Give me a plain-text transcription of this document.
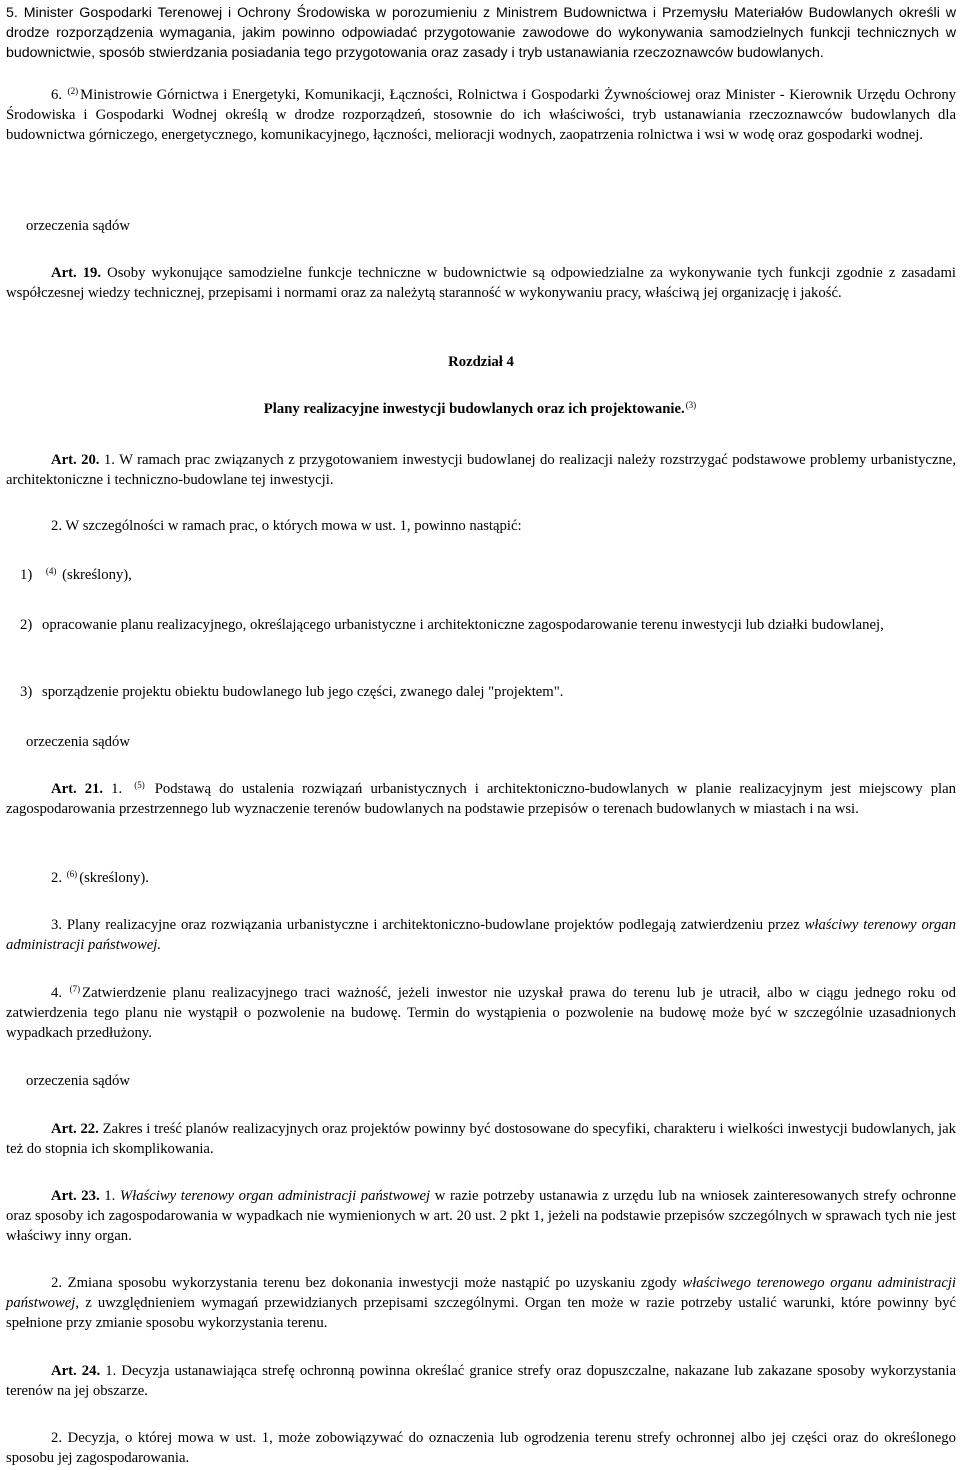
5. Minister Gospodarki Terenowej i Ochrony Środowiska w porozumieniu z Ministrem Budownictwa i Przemysłu Materiałów Budowlanych określi w drodze rozporządzenia wymagania, jakim powinno odpowiadać przygotowanie zawodowe do wykonywania samodzielnych funkcji technicznych w budownictwie, sposób stwierdzania posiadania tego przygotowania oraz zasady i tryb ustanawiania rzeczoznawców budowlanych.
6. $^{(2)}$ Ministrowie Górnictwa i Energetyki, Komunikacji, Łączności, Rolnictwa i Gospodarki Żywnościowej oraz Minister - Kierownik Urzędu Ochrony Środowiska i Gospodarki Wodnej określą w drodze rozporządzeń, stosownie do ich właściwości, tryb ustanawiania rzeczoznawców budowlanych dla budownictwa górniczego, energetycznego, komunikacyjnego, łączności, melioracji wodnych, zaopatrzenia rolnictwa i wsi w wodę oraz gospodarki wodnej.
orzeczenia sądów
Art. 19. Osoby wykonujące samodzielne funkcje techniczne w budownictwie są odpowiedzialne za wykonywanie tych funkcji zgodnie z zasadami współczesnej wiedzy technicznej, przepisami i normami oraz za należytą staranność w wykonywaniu pracy, właściwą jej organizację i jakość.
Rozdział 4
Plany realizacyjne inwestycji budowlanych oraz ich projektowanie.$^{(3)}$
Art. 20. 1. W ramach prac związanych z przygotowaniem inwestycji budowlanej do realizacji należy rozstrzygać podstawowe problemy urbanistyczne, architektoniczne i techniczno-budowlane tej inwestycji.
2. W szczególności w ramach prac, o których mowa w ust. 1, powinno nastąpić:
1) $^{(4)}$ (skreślony),
2) opracowanie planu realizacyjnego, określającego urbanistyczne i architektoniczne zagospodarowanie terenu inwestycji lub działki budowlanej,
3) sporządzenie projektu obiektu budowlanego lub jego części, zwanego dalej "projektem".
orzeczenia sądów
Art. 21. 1. $^{(5)}$ Podstawą do ustalenia rozwiązań urbanistycznych i architektoniczno-budowlanych w planie realizacyjnym jest miejscowy plan zagospodarowania przestrzennego lub wyznaczenie terenów budowlanych na podstawie przepisów o terenach budowlanych w miastach i na wsi.
2. $^{(6)}$ (skreślony).
3. Plany realizacyjne oraz rozwiązania urbanistyczne i architektoniczno-budowlane projektów podlegają zatwierdzeniu przez właściwy terenowy organ administracji państwowej.
4. $^{(7)}$ Zatwierdzenie planu realizacyjnego traci ważność, jeżeli inwestor nie uzyskał prawa do terenu lub je utracił, albo w ciągu jednego roku od zatwierdzenia tego planu nie wystąpił o pozwolenie na budowę. Termin do wystąpienia o pozwolenie na budowę może być w szczególnie uzasadnionych wypadkach przedłużony.
orzeczenia sądów
Art. 22. Zakres i treść planów realizacyjnych oraz projektów powinny być dostosowane do specyfiki, charakteru i wielkości inwestycji budowlanych, jak też do stopnia ich skomplikowania.
Art. 23. 1. Właściwy terenowy organ administracji państwowej w razie potrzeby ustanawia z urzędu lub na wniosek zainteresowanych strefy ochronne oraz sposoby ich zagospodarowania w wypadkach nie wymienionych w art. 20 ust. 2 pkt 1, jeżeli na podstawie przepisów szczególnych w sprawach tych nie jest właściwy inny organ.
2. Zmiana sposobu wykorzystania terenu bez dokonania inwestycji może nastąpić po uzyskaniu zgody właściwego terenowego organu administracji państwowej, z uwzględnieniem wymagań przewidzianych przepisami szczególnymi. Organ ten może w razie potrzeby ustalić warunki, które powinny być spełnione przy zmianie sposobu wykorzystania terenu.
Art. 24. 1. Decyzja ustanawiająca strefę ochronną powinna określać granice strefy oraz dopuszczalne, nakazane lub zakazane sposoby wykorzystania terenów na jej obszarze.
2. Decyzja, o której mowa w ust. 1, może zobowiązywać do oznaczenia lub ogrodzenia terenu strefy ochronnej albo jej części oraz do określonego sposobu jej zagospodarowania.
